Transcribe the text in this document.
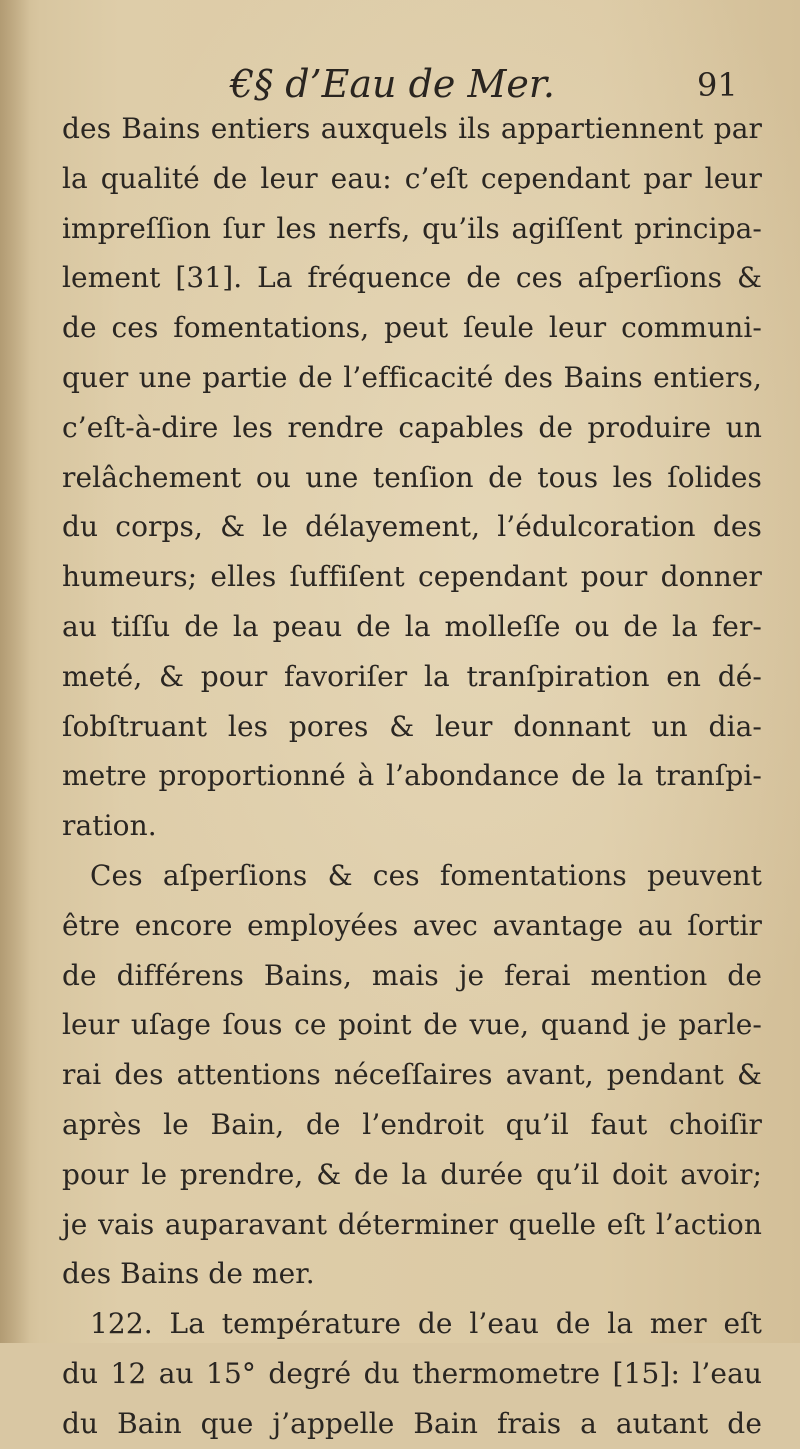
€§ d’Eau de Mer.	91
des Bains entiers auxquels ils appartiennent par
la qualité de leur eau: c’eſt cependant par leur
impreſſion ſur les nerfs, qu’ils agiſſent principa-
lement [31]. La fréquence de ces aſperſions &
de ces fomentations, peut ſeule leur communi-
quer une partie de l’efficacité des Bains entiers,
c’eſt-à-dire les rendre capables de produire un
relâchement ou une tenſion de tous les ſolides
du corps, & le délayement, l’édulcoration des
humeurs; elles ſuffiſent cependant pour donner
au tiſſu de la peau de la molleſſe ou de la fer-
meté, & pour favoriſer la tranſpiration en dé-
ſobſtruant les pores & leur donnant un dia-
metre proportionné à l’abondance de la tranſpi-
ration.
Ces aſperſions & ces fomentations peuvent
être encore employées avec avantage au ſortir
de différens Bains, mais je ferai mention de
leur uſage ſous ce point de vue, quand je parle-
rai des attentions néceſſaires avant, pendant &
après le Bain, de l’endroit qu’il faut choiſir
pour le prendre, & de la durée qu’il doit avoir;
je vais auparavant déterminer quelle eſt l’action
des Bains de mer.
122. La température de l’eau de la mer eſt
du 12 au 15° degré du thermometre [15]: l’eau
du Bain que j’appelle Bain frais a autant de
